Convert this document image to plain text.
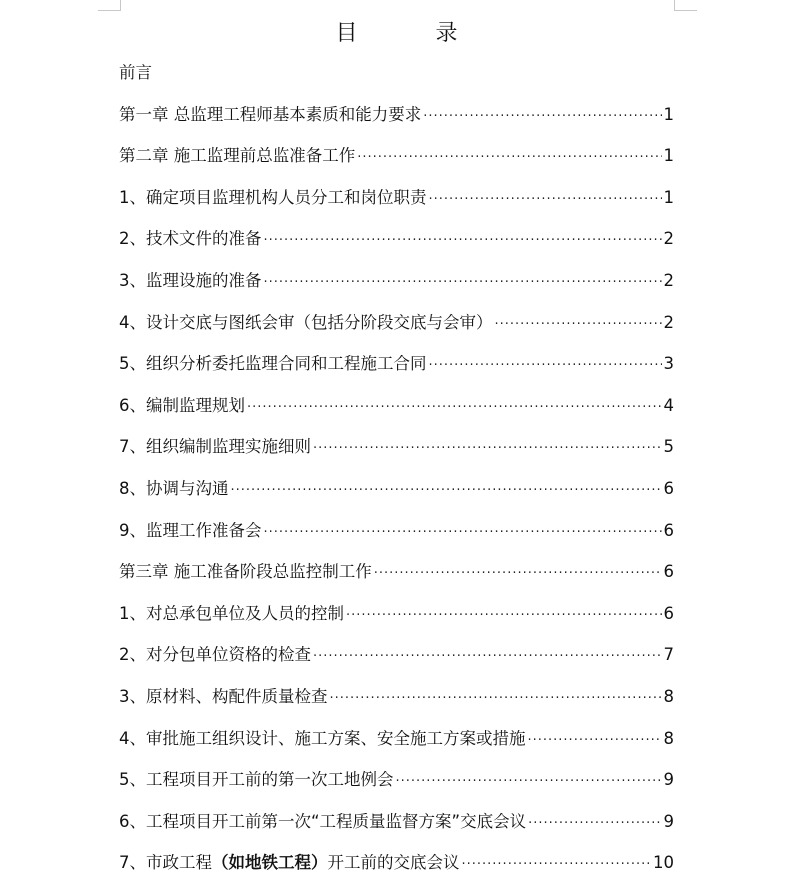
目　录
前言
第一章 总监理工程师基本素质和能力要求 ·····	1
第二章 施工监理前总监准备工作 ·····	1
1、确定项目监理机构人员分工和岗位职责 ·····	1
2、技术文件的准备 ·····	2
3、监理设施的准备 ·····	2
4、设计交底与图纸会审（包括分阶段交底与会审） ·····	2
5、组织分析委托监理合同和工程施工合同 ·····	3
6、编制监理规划 ·····	4
7、组织编制监理实施细则 ·····	5
8、协调与沟通 ·····	6
9、监理工作准备会 ·····	6
第三章 施工准备阶段总监控制工作 ·····	6
1、对总承包单位及人员的控制 ·····	6
2、对分包单位资格的检查 ·····	7
3、原材料、构配件质量检查 ·····	8
4、审批施工组织设计、施工方案、安全施工方案或措施 ·····	8
5、工程项目开工前的第一次工地例会 ·····	9
6、工程项目开工前第一次“工程质量监督方案”交底会议 ·····	9
7、市政工程（如地铁工程）开工前的交底会议 ·····	10
